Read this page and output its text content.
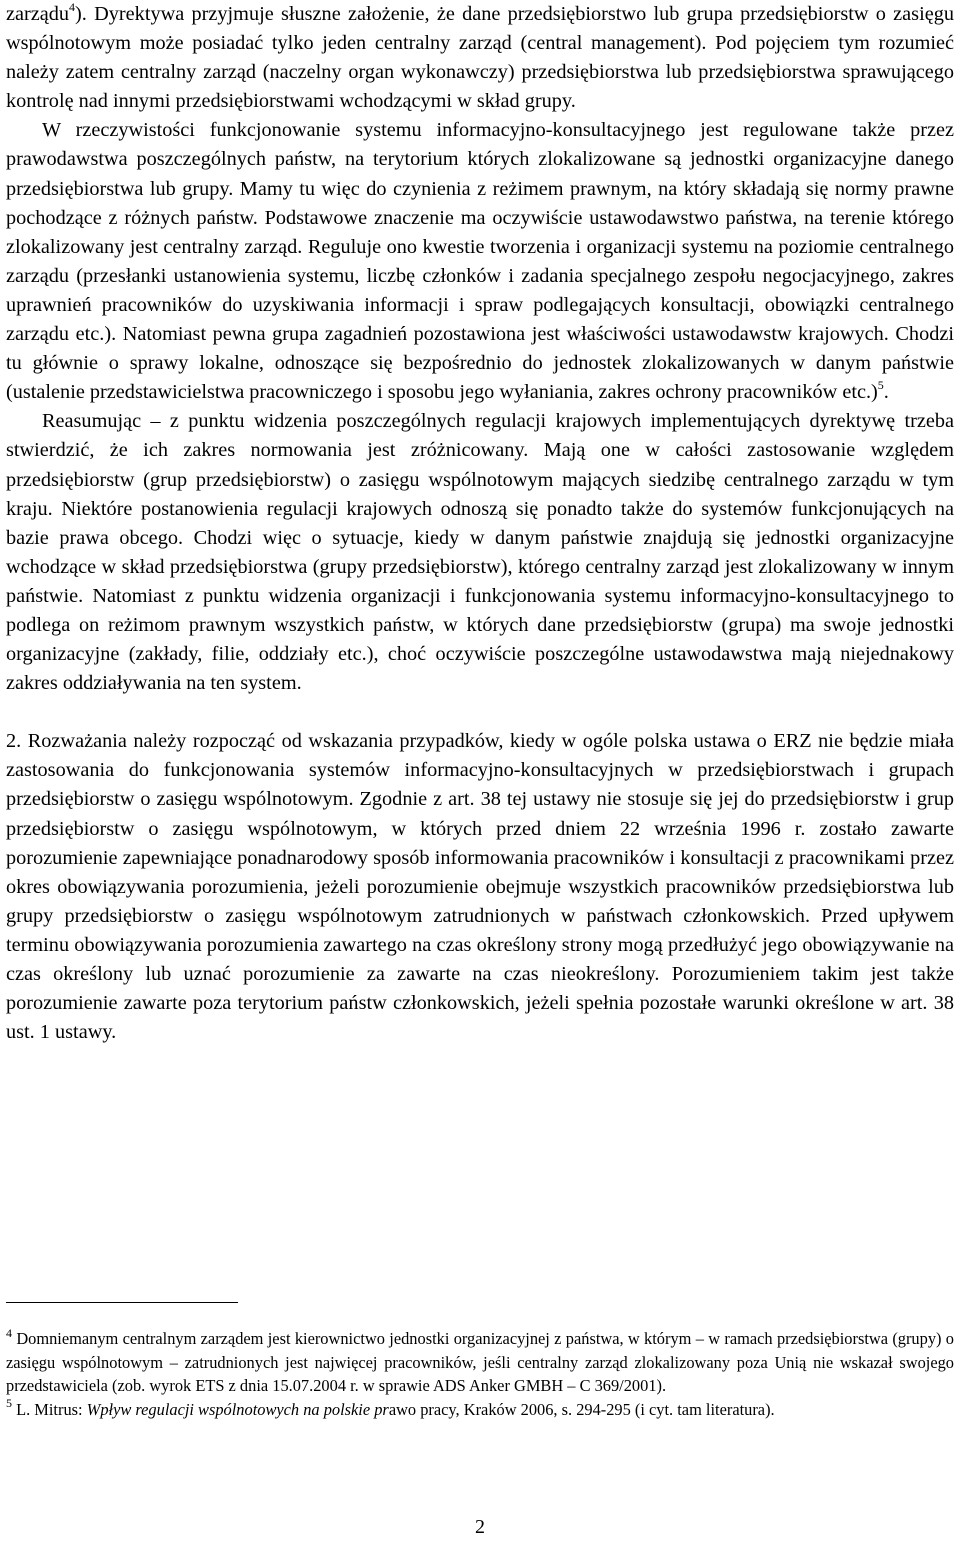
zarządu$^4$). Dyrektywa przyjmuje słuszne założenie, że dane przedsiębiorstwo lub grupa przedsiębiorstw o zasięgu wspólnotowym może posiadać tylko jeden centralny zarząd (central management). Pod pojęciem tym rozumieć należy zatem centralny zarząd (naczelny organ wykonawczy) przedsiębiorstwa lub przedsiębiorstwa sprawującego kontrolę nad innymi przedsiębiorstwami wchodzącymi w skład grupy.

W rzeczywistości funkcjonowanie systemu informacyjno-konsultacyjnego jest regulowane także przez prawodawstwa poszczególnych państw, na terytorium których zlokalizowane są jednostki organizacyjne danego przedsiębiorstwa lub grupy. Mamy tu więc do czynienia z reżimem prawnym, na który składają się normy prawne pochodzące z różnych państw. Podstawowe znaczenie ma oczywiście ustawodawstwo państwa, na terenie którego zlokalizowany jest centralny zarząd. Reguluje ono kwestie tworzenia i organizacji systemu na poziomie centralnego zarządu (przesłanki ustanowienia systemu, liczbę członków i zadania specjalnego zespołu negocjacyjnego, zakres uprawnień pracowników do uzyskiwania informacji i spraw podlegających konsultacji, obowiązki centralnego zarządu etc.). Natomiast pewna grupa zagadnień pozostawiona jest właściwości ustawodawstw krajowych. Chodzi tu głównie o sprawy lokalne, odnoszące się bezpośrednio do jednostek zlokalizowanych w danym państwie (ustalenie przedstawicielstwa pracowniczego i sposobu jego wyłaniania, zakres ochrony pracowników etc.)$^5$.

Reasumując – z punktu widzenia poszczególnych regulacji krajowych implementujących dyrektywę trzeba stwierdzić, że ich zakres normowania jest zróżnicowany. Mają one w całości zastosowanie względem przedsiębiorstw (grup przedsiębiorstw) o zasięgu wspólnotowym mających siedzibę centralnego zarządu w tym kraju. Niektóre postanowienia regulacji krajowych odnoszą się ponadto także do systemów funkcjonujących na bazie prawa obcego. Chodzi więc o sytuacje, kiedy w danym państwie znajdują się jednostki organizacyjne wchodzące w skład przedsiębiorstwa (grupy przedsiębiorstw), którego centralny zarząd jest zlokalizowany w innym państwie. Natomiast z punktu widzenia organizacji i funkcjonowania systemu informacyjno-konsultacyjnego to podlega on reżimom prawnym wszystkich państw, w których dane przedsiębiorstw (grupa) ma swoje jednostki organizacyjne (zakłady, filie, oddziały etc.), choć oczywiście poszczególne ustawodawstwa mają niejednakowy zakres oddziaływania na ten system.

2. Rozważania należy rozpocząć od wskazania przypadków, kiedy w ogóle polska ustawa o ERZ nie będzie miała zastosowania do funkcjonowania systemów informacyjno-konsultacyjnych w przedsiębiorstwach i grupach przedsiębiorstw o zasięgu wspólnotowym. Zgodnie z art. 38 tej ustawy nie stosuje się jej do przedsiębiorstw i grup przedsiębiorstw o zasięgu wspólnotowym, w których przed dniem 22 września 1996 r. zostało zawarte porozumienie zapewniające ponadnarodowy sposób informowania pracowników i konsultacji z pracownikami przez okres obowiązywania porozumienia, jeżeli porozumienie obejmuje wszystkich pracowników przedsiębiorstwa lub grupy przedsiębiorstw o zasięgu wspólnotowym zatrudnionych w państwach członkowskich. Przed upływem terminu obowiązywania porozumienia zawartego na czas określony strony mogą przedłużyć jego obowiązywanie na czas określony lub uznać porozumienie za zawarte na czas nieokreślony. Porozumieniem takim jest także porozumienie zawarte poza terytorium państw członkowskich, jeżeli spełnia pozostałe warunki określone w art. 38 ust. 1 ustawy.

$^4$ Domniemanym centralnym zarządem jest kierownictwo jednostki organizacyjnej z państwa, w którym – w ramach przedsiębiorstwa (grupy) o zasięgu wspólnotowym – zatrudnionych jest najwięcej pracowników, jeśli centralny zarząd zlokalizowany poza Unią nie wskazał swojego przedstawiciela (zob. wyrok ETS z dnia 15.07.2004 r. w sprawie ADS Anker GMBH – C 369/2001).

$^5$ L. Mitrus: Wpływ regulacji wspólnotowych na polskie prawo pracy, Kraków 2006, s. 294-295 (i cyt. tam literatura).

2
